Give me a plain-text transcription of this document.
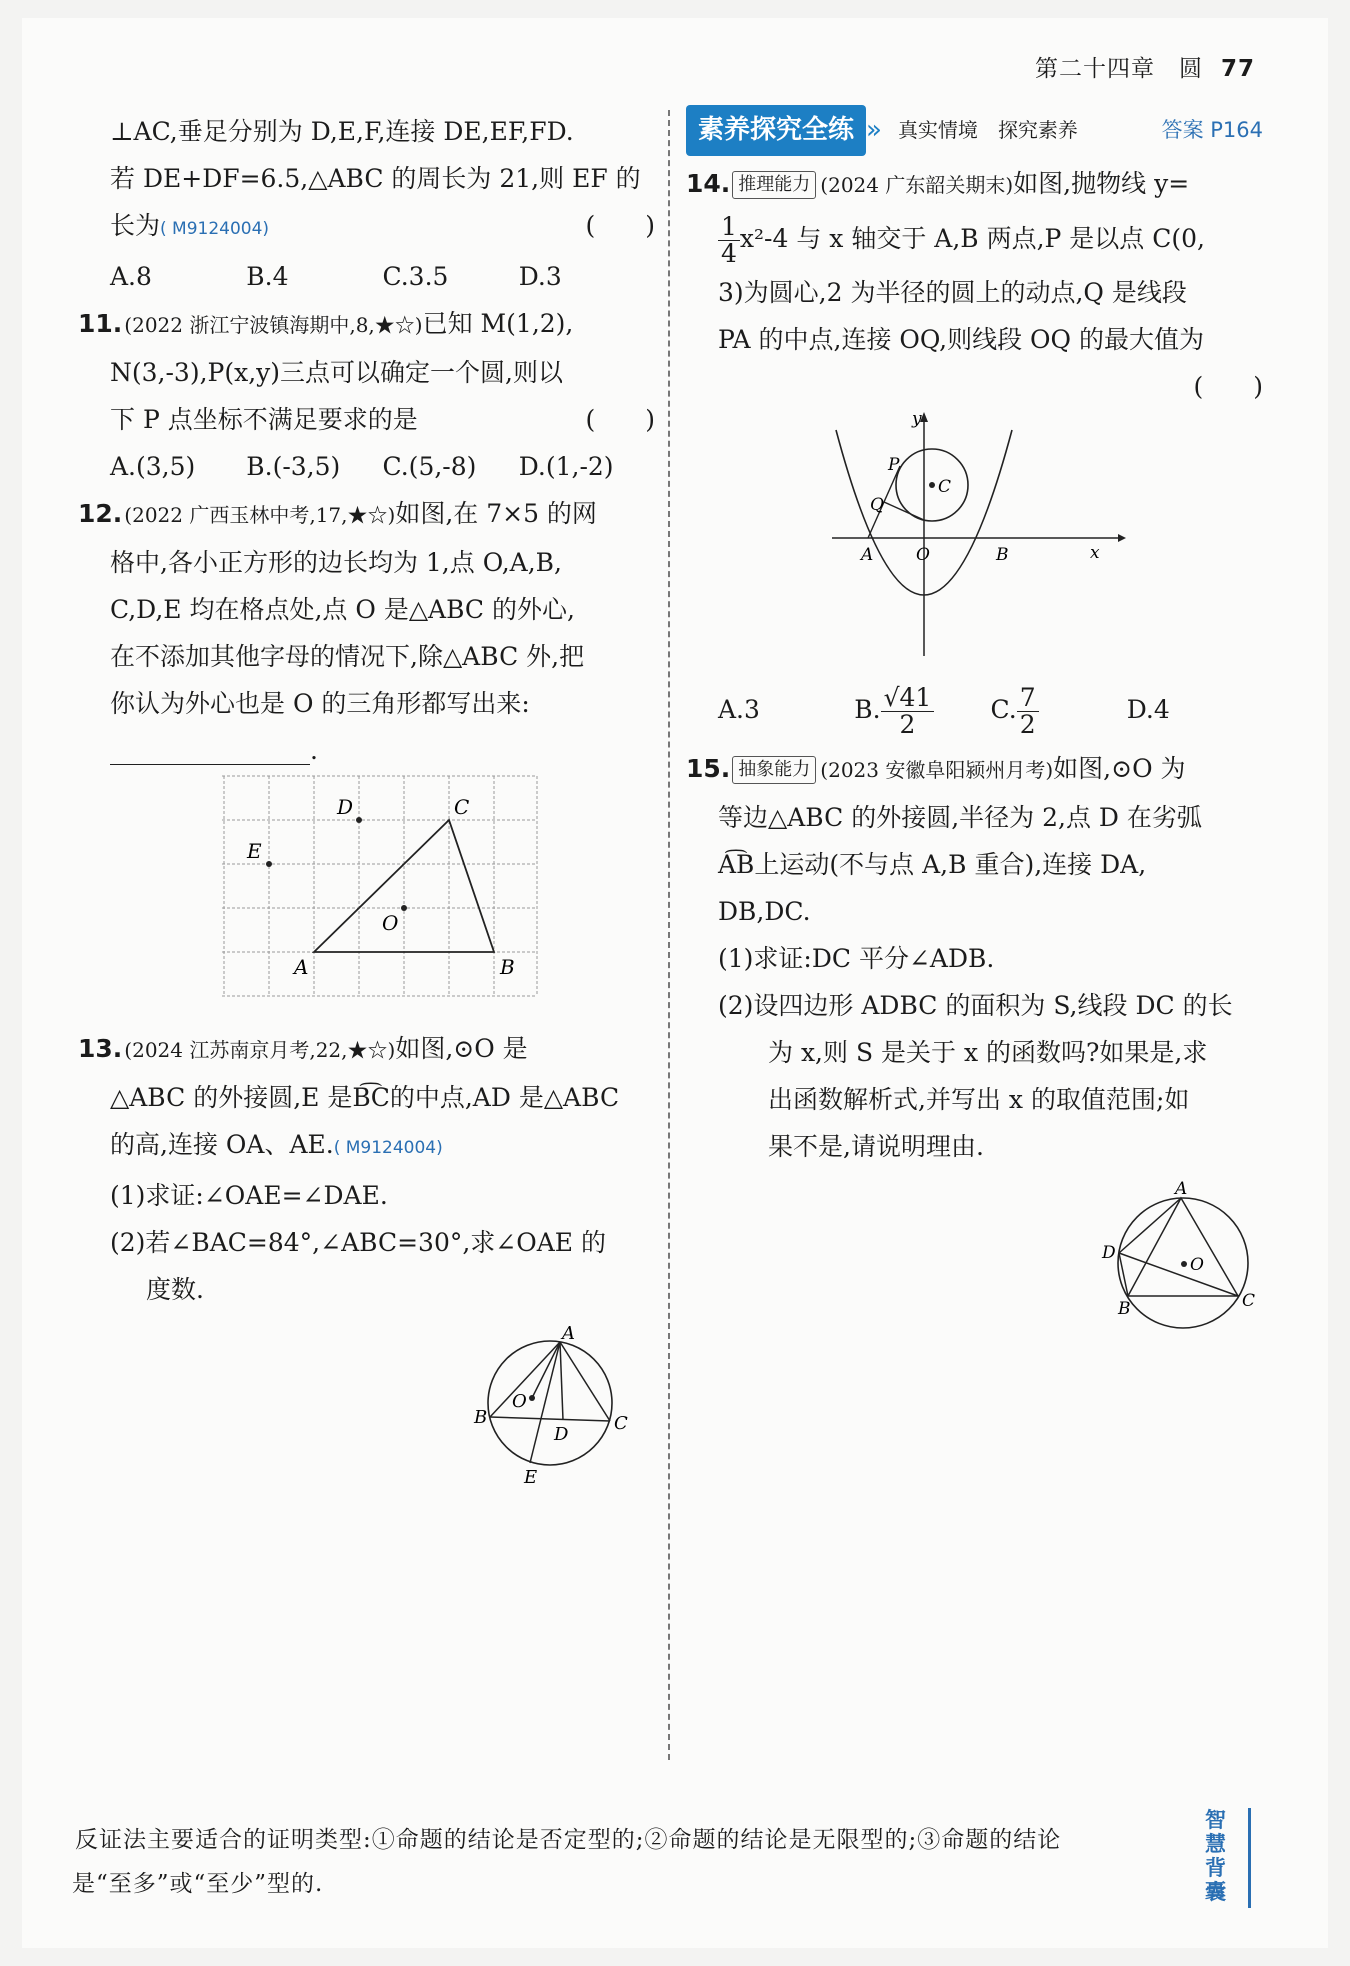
第二十四章　圆 77
⊥AC,垂足分别为 D,E,F,连接 DE,EF,FD.
若 DE+DF=6.5,△ABC 的周长为 21,则 EF 的
长为( M9124004)	(　　)
A.8	B.4	C.3.5	D.3
11. (2022 浙江宁波镇海期中,8,★☆)已知 M(1,2),
N(3,-3),P(x,y)三点可以确定一个圆,则以
下 P 点坐标不满足要求的是	(　　)
A.(3,5)	B.(-3,5)	C.(5,-8)	D.(1,-2)
12. (2022 广西玉林中考,17,★☆)如图,在 7×5 的网
格中,各小正方形的边长均为 1,点 O,A,B,
C,D,E 均在格点处,点 O 是△ABC 的外心,
在不添加其他字母的情况下,除△ABC 外,把
你认为外心也是 O 的三角形都写出来:
________________.
D	C
E
O
A	B
13. (2024 江苏南京月考,22,★☆)如图,⊙O 是
△ABC 的外接圆,E 是B͡C的中点,AD 是△ABC
的高,连接 OA、AE.( M9124004)
(1)求证:∠OAE=∠DAE.
(2)若∠BAC=84°,∠ABC=30°,求∠OAE 的
度数.
A
O
B
D
C
E
素养探究全练 » 真实情境 探究素养	答案 P164
14. 推理能力 (2024 广东韶关期末)如图,抛物线 y=
$\frac{1}{4} x^2-4$ 与 x 轴交于 A,B 两点,P 是以点 C(0,
3)为圆心,2 为半径的圆上的动点,Q 是线段
PA 的中点,连接 OQ,则线段 OQ 的最大值为
(　　)
y
P
C
Q
A	O	B	x
A.3	B. $\frac{√41}{2} C$. $\frac{7}{2}$	D.4
15. 抽象能力 (2023 安徽阜阳颍州月考)如图,⊙O 为
等边△ABC 的外接圆,半径为 2,点 D 在劣弧
A͡B上运动(不与点 A,B 重合),连接 DA,
DB,DC.
(1)求证:DC 平分∠ADB.
(2)设四边形 ADBC 的面积为 S,线段 DC 的长
为 x,则 S 是关于 x 的函数吗?如果是,求
出函数解析式,并写出 x 的取值范围;如
果不是,请说明理由.
A
D
O
B	C
反证法主要适合的证明类型:①命题的结论是否定型的;②命题的结论是无限型的;③命题的结论
是“至多”或“至少”型的.
智慧背囊
